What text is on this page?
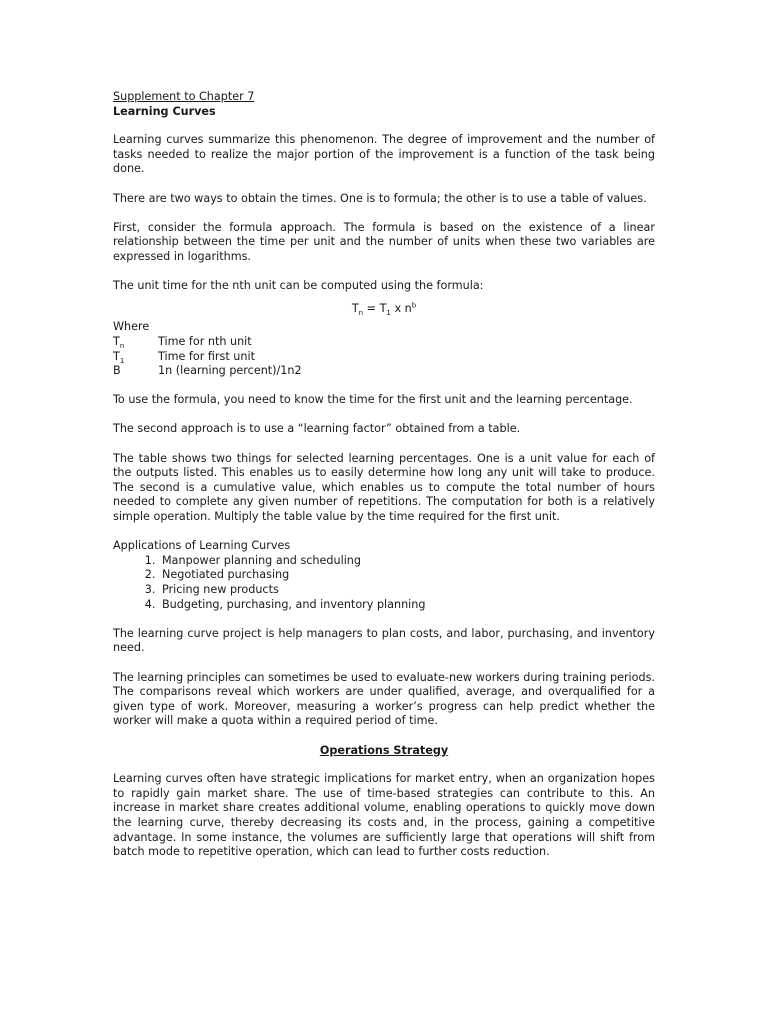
Supplement to Chapter 7
Learning Curves

Learning curves summarize this phenomenon. The degree of improvement and the number of tasks needed to realize the major portion of the improvement is a function of the task being done.

There are two ways to obtain the times. One is to formula; the other is to use a table of values.

First, consider the formula approach. The formula is based on the existence of a linear relationship between the time per unit and the number of units when these two variables are expressed in logarithms.

The unit time for the nth unit can be computed using the formula:

$T_n = T_1$ x $n^b$
Where
$T_n$	Time for nth unit
$T_1$	Time for first unit
B	1n (learning percent)/1n2

To use the formula, you need to know the time for the first unit and the learning percentage.

The second approach is to use a “learning factor” obtained from a table.

The table shows two things for selected learning percentages. One is a unit value for each of the outputs listed. This enables us to easily determine how long any unit will take to produce. The second is a cumulative value, which enables us to compute the total number of hours needed to complete any given number of repetitions. The computation for both is a relatively simple operation. Multiply the table value by the time required for the first unit.

Applications of Learning Curves
1. Manpower planning and scheduling
2. Negotiated purchasing
3. Pricing new products
4. Budgeting, purchasing, and inventory planning

The learning curve project is help managers to plan costs, and labor, purchasing, and inventory need.

The learning principles can sometimes be used to evaluate-new workers during training periods. The comparisons reveal which workers are under qualified, average, and overqualified for a given type of work. Moreover, measuring a worker’s progress can help predict whether the worker will make a quota within a required period of time.

Operations Strategy

Learning curves often have strategic implications for market entry, when an organization hopes to rapidly gain market share. The use of time-based strategies can contribute to this. An increase in market share creates additional volume, enabling operations to quickly move down the learning curve, thereby decreasing its costs and, in the process, gaining a competitive advantage. In some instance, the volumes are sufficiently large that operations will shift from batch mode to repetitive operation, which can lead to further costs reduction.
